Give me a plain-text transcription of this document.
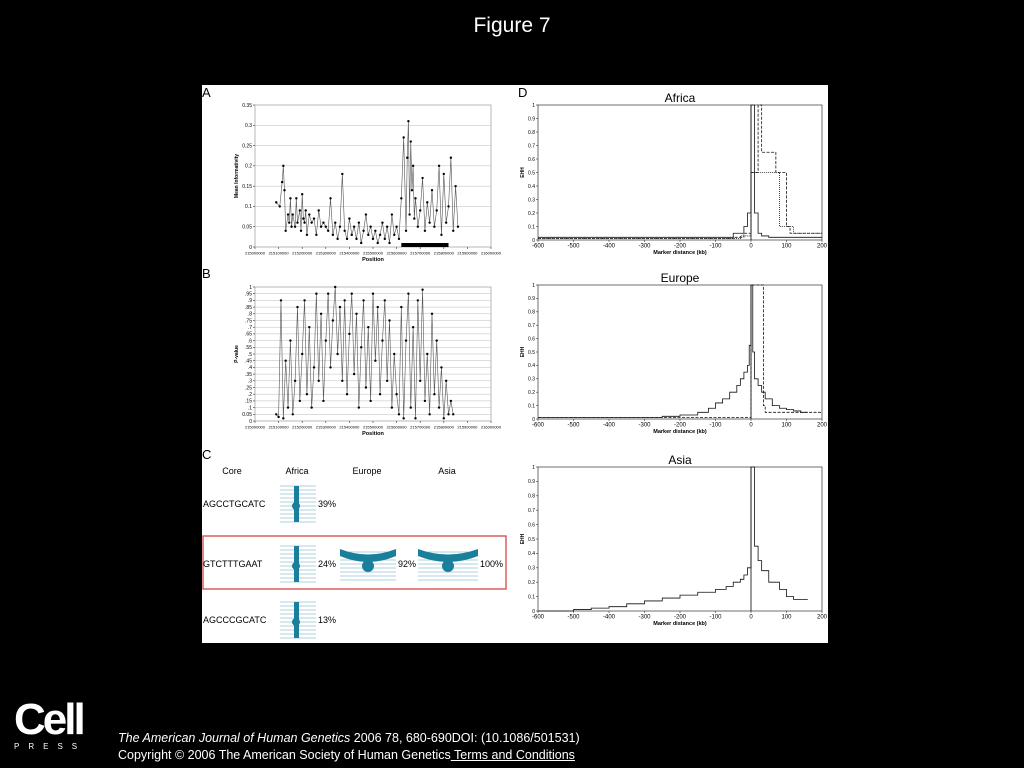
Figure 7
0
0.05
0.1
0.15
0.2
0.25
0.3
0.35
215000000 215100000 215200000 215300000 215400000 215500000 215600000 215700000 215800000 215900000 216000000
Position
Mean Informativity
0
0.05
.1
.15
.2
.25
.3
.35
.4
.45
.5
.55
.6
.65
.7
.75
.8
.85
.9
.95
1
215000000 215100000 215200000 215300000 215400000 215500000 215600000 215700000 215800000 215900000 216000000
Position
P-value
Core	Africa	Europe	Asia
AGCCTGCATC	39%
GTCTTTGAAT	24%	92%	100%
AGCCCGCATC	13%
0
0.1
0.2
0.3
0.4
0.5
0.6
0.7
0.8
0.9
1
-600	-500	-400	-300	-200	-100	0	100	200
Marker distance (kb)
EHH
Africa
0
0.1
0.2
0.3
0.4
0.5
0.6
0.7
0.8
0.9
1
-600	-500	-400	-300	-200	-100	0	100	200
Marker distance (kb)
EHH
Europe
0
0.1
0.2
0.3
0.4
0.5
0.6
0.7
0.8
0.9
1
-600	-500	-400	-300	-200	-100	0	100	200
Marker distance (kb)
EHH
Asia
A
B
C
D
Cell
PRESS
The American Journal of Human Genetics 2006 78, 680-690DOI: (10.1086/501531)
Copyright © 2006 The American Society of Human Genetics Terms and Conditions
